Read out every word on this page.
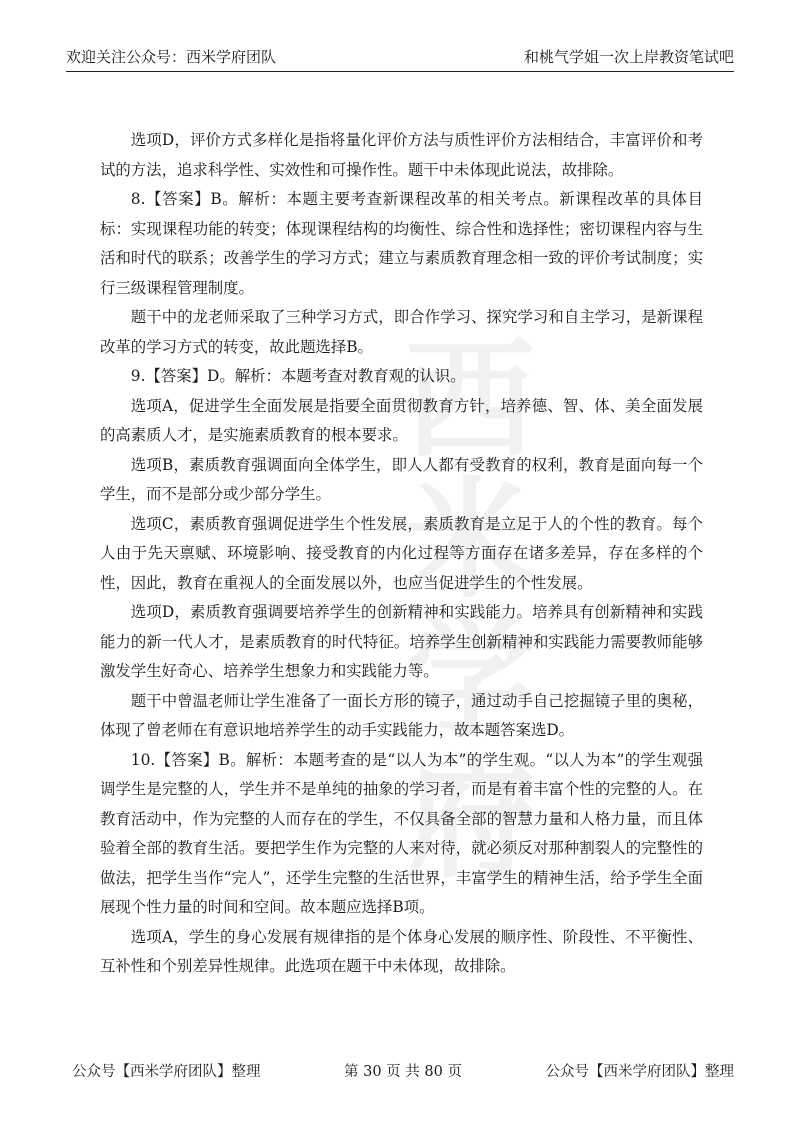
欢迎关注公众号：西米学府团队	和桃气学姐一次上岸教资笔试吧
西米学府

选项D，评价方式多样化是指将量化评价方法与质性评价方法相结合，丰富评价和考试的方法，追求科学性、实效性和可操作性。题干中未体现此说法，故排除。

8.【答案】B。解析：本题主要考查新课程改革的相关考点。新课程改革的具体目标：实现课程功能的转变；体现课程结构的均衡性、综合性和选择性；密切课程内容与生活和时代的联系；改善学生的学习方式；建立与素质教育理念相一致的评价考试制度；实行三级课程管理制度。

题干中的龙老师采取了三种学习方式，即合作学习、探究学习和自主学习，是新课程改革的学习方式的转变，故此题选择B。

9.【答案】D。解析：本题考查对教育观的认识。

选项A，促进学生全面发展是指要全面贯彻教育方针，培养德、智、体、美全面发展的高素质人才，是实施素质教育的根本要求。

选项B，素质教育强调面向全体学生，即人人都有受教育的权利，教育是面向每一个学生，而不是部分或少部分学生。

选项C，素质教育强调促进学生个性发展，素质教育是立足于人的个性的教育。每个人由于先天禀赋、环境影响、接受教育的内化过程等方面存在诸多差异，存在多样的个性，因此，教育在重视人的全面发展以外，也应当促进学生的个性发展。

选项D，素质教育强调要培养学生的创新精神和实践能力。培养具有创新精神和实践能力的新一代人才，是素质教育的时代特征。培养学生创新精神和实践能力需要教师能够激发学生好奇心、培养学生想象力和实践能力等。

题干中曾温老师让学生准备了一面长方形的镜子，通过动手自己挖掘镜子里的奥秘，体现了曾老师在有意识地培养学生的动手实践能力，故本题答案选D。

10.【答案】B。解析：本题考查的是“以人为本”的学生观。“以人为本”的学生观强调学生是完整的人，学生并不是单纯的抽象的学习者，而是有着丰富个性的完整的人。在教育活动中，作为完整的人而存在的学生，不仅具备全部的智慧力量和人格力量，而且体验着全部的教育生活。要把学生作为完整的人来对待，就必须反对那种割裂人的完整性的做法，把学生当作“完人”，还学生完整的生活世界，丰富学生的精神生活，给予学生全面展现个性力量的时间和空间。故本题应选择B项。

选项A，学生的身心发展有规律指的是个体身心发展的顺序性、阶段性、不平衡性、互补性和个别差异性规律。此选项在题干中未体现，故排除。

公众号【西米学府团队】整理	第 30 页 共 80 页	公众号【西米学府团队】整理
